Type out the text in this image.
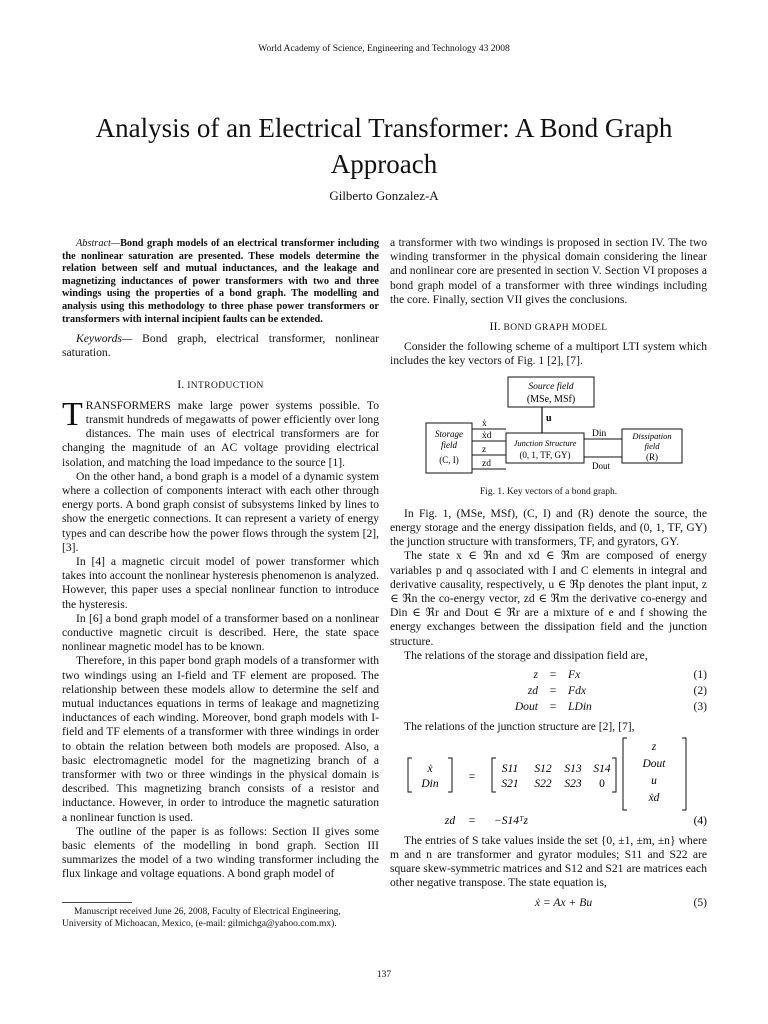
World Academy of Science, Engineering and Technology 43 2008
Analysis of an Electrical Transformer: A Bond Graph Approach
Gilberto Gonzalez-A

Abstract—Bond graph models of an electrical transformer including the nonlinear saturation are presented. These models determine the relation between self and mutual inductances, and the leakage and magnetizing inductances of power transformers with two and three windings using the properties of a bond graph. The modelling and analysis using this methodology to three phase power transformers or transformers with internal incipient faults can be extended.

Keywords— Bond graph, electrical transformer, nonlinear saturation.

I. INTRODUCTION

TRANSFORMERS make large power systems possible. To transmit hundreds of megawatts of power efficiently over long distances. The main uses of electrical transformers are for changing the magnitude of an AC voltage providing electrical isolation, and matching the load impedance to the source [1].

On the other hand, a bond graph is a model of a dynamic system where a collection of components interact with each other through energy ports. A bond graph consist of subsystems linked by lines to show the energetic connections. It can represent a variety of energy types and can describe how the power flows through the system [2], [3].

In [4] a magnetic circuit model of power transformer which takes into account the nonlinear hysteresis phenomenon is analyzed. However, this paper uses a special nonlinear function to introduce the hysteresis.

In [6] a bond graph model of a transformer based on a nonlinear conductive magnetic circuit is described. Here, the state space nonlinear magnetic model has to be known.

Therefore, in this paper bond graph models of a transformer with two windings using an I-field and TF element are proposed. The relationship between these models allow to determine the self and mutual inductances equations in terms of leakage and magnetizing inductances of each winding. Moreover, bond graph models with I-field and TF elements of a transformer with three windings in order to obtain the relation between both models are proposed. Also, a basic electromagnetic model for the magnetizing branch of a transformer with two or three windings in the physical domain is described. This magnetizing branch consists of a resistor and inductance. However, in order to introduce the magnetic saturation a nonlinear function is used.

The outline of the paper is as follows: Section II gives some basic elements of the modelling in bond graph. Section III summarizes the model of a two winding transformer including the flux linkage and voltage equations. A bond graph model of

Manuscript received June 26, 2008, Faculty of Electrical Engineering, University of Michoacan, Mexico, (e-mail: gilmichga@yahoo.com.mx).

a transformer with two windings is proposed in section IV. The two winding transformer in the physical domain considering the linear and nonlinear core are presented in section V. Section VI proposes a bond graph model of a transformer with three windings including the core. Finally, section VII gives the conclusions.

II. BOND GRAPH MODEL

Consider the following scheme of a multiport LTI system which includes the key vectors of Fig. 1 [2], [7].

Source field
(MSe, MSf)
u
Storage
field
(C, I)
Junction Structure
(0, 1, TF, GY)
Dissipation
field
(R)
ẋ
ẋd
z
zd
Din
Dout

Fig. 1. Key vectors of a bond graph.

In Fig. 1, (MSe, MSf), (C, I) and (R) denote the source, the energy storage and the energy dissipation fields, and (0, 1, TF, GY) the junction structure with transformers, TF, and gyrators, GY.

The state x ∈ ℜn and xd ∈ ℜm are composed of energy variables p and q associated with I and C elements in integral and derivative causality, respectively, u ∈ ℜp denotes the plant input, z ∈ ℜn the co-energy vector, zd ∈ ℜm the derivative co-energy and Din ∈ ℜr and Dout ∈ ℜr are a mixture of e and f showing the energy exchanges between the dissipation field and the junction structure.

The relations of the storage and dissipation field are,

z	=	Fx	(1)
zd	=	Fdx	(2)
Dout	=	LDin	(3)

The relations of the junction structure are [2], [7],

ẋ
Din
=
S11 S12 S13 S14
S21 S22 S23 0
z
Dout
u
ẋd
zd = −S14ᵀz	(4)

The entries of S take values inside the set {0, ±1, ±m, ±n} where m and n are transformer and gyrator modules; S11 and S22 are square skew-symmetric matrices and S12 and S21 are matrices each other negative transpose. The state equation is,

ẋ = Ax + Bu	(5)
137
